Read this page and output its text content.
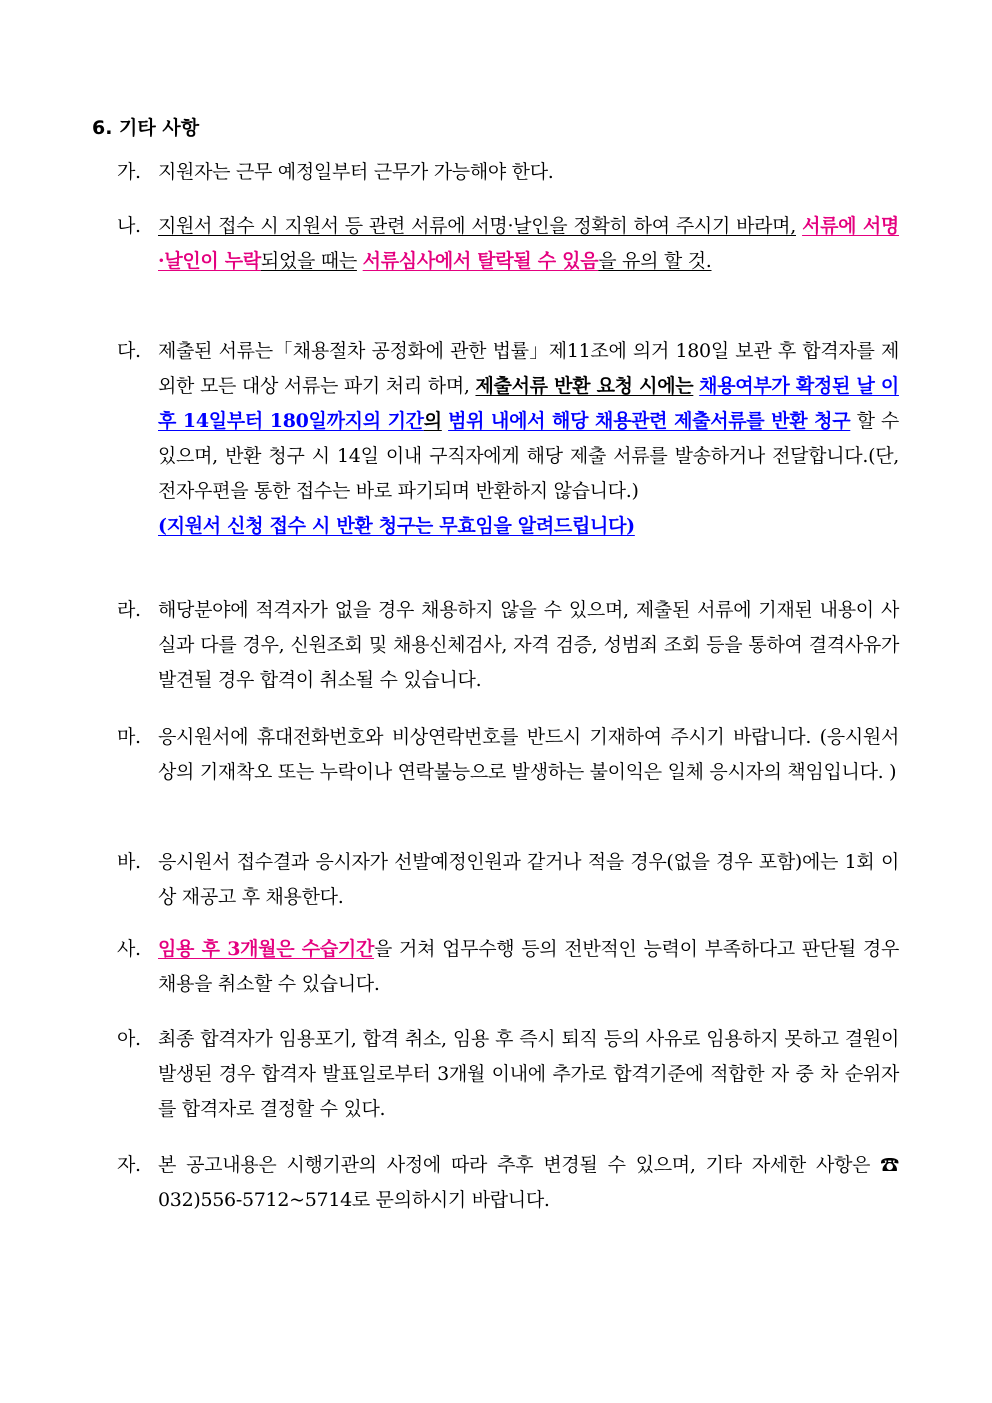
6. 기타 사항
가. 지원자는 근무 예정일부터 근무가 가능해야 한다.
나. 지원서 접수 시 지원서 등 관련 서류에 서명·날인을 정확히 하여 주시기 바라며, 서류에 서명·날인이 누락되었을 때는 서류심사에서 탈락될 수 있음을 유의 할 것.
다. 제출된 서류는「채용절차 공정화에 관한 법률」제11조에 의거 180일 보관 후 합격자를 제외한 모든 대상 서류는 파기 처리 하며, 제출서류 반환 요청 시에는 채용여부가 확정된 날 이후 14일부터 180일까지의 기간의 범위 내에서 해당 채용관련 제출서류를 반환 청구 할 수 있으며, 반환 청구 시 14일 이내 구직자에게 해당 제출 서류를 발송하거나 전달합니다.(단, 전자우편을 통한 접수는 바로 파기되며 반환하지 않습니다.)
(지원서 신청 접수 시 반환 청구는 무효임을 알려드립니다)
라. 해당분야에 적격자가 없을 경우 채용하지 않을 수 있으며, 제출된 서류에 기재된 내용이 사실과 다를 경우, 신원조회 및 채용신체검사, 자격 검증, 성범죄 조회 등을 통하여 결격사유가 발견될 경우 합격이 취소될 수 있습니다.
마. 응시원서에 휴대전화번호와 비상연락번호를 반드시 기재하여 주시기 바랍니다. (응시원서 상의 기재착오 또는 누락이나 연락불능으로 발생하는 불이익은 일체 응시자의 책임입니다. )
바. 응시원서 접수결과 응시자가 선발예정인원과 같거나 적을 경우(없을 경우 포함)에는 1회 이상 재공고 후 채용한다.
사. 임용 후 3개월은 수습기간을 거쳐 업무수행 등의 전반적인 능력이 부족하다고 판단될 경우 채용을 취소할 수 있습니다.
아. 최종 합격자가 임용포기, 합격 취소, 임용 후 즉시 퇴직 등의 사유로 임용하지 못하고 결원이 발생된 경우 합격자 발표일로부터 3개월 이내에 추가로 합격기준에 적합한 자 중 차 순위자를 합격자로 결정할 수 있다.
자. 본 공고내용은 시행기관의 사정에 따라 추후 변경될 수 있으며, 기타 자세한 사항은 ☎ 032)556-5712~5714로 문의하시기 바랍니다.
